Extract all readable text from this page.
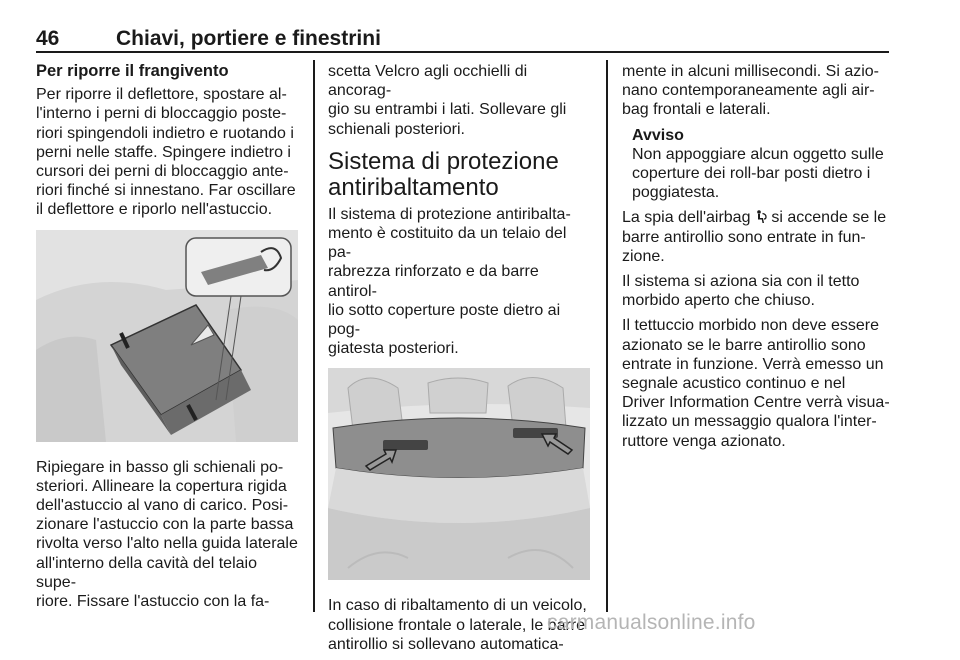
46	Chiavi, portiere e finestrini
Per riporre il frangivento

Per riporre il deflettore, spostare al-
l'interno i perni di bloccaggio poste-
riori spingendoli indietro e ruotando i
perni nelle staffe. Spingere indietro i
cursori dei perni di bloccaggio ante-
riori finché si innestano. Far oscillare
il deflettore e riporlo nell'astuccio.

Ripiegare in basso gli schienali po-
steriori. Allineare la copertura rigida
dell'astuccio al vano di carico. Posi-
zionare l'astuccio con la parte bassa
rivolta verso l'alto nella guida laterale
all'interno della cavità del telaio supe-
riore. Fissare l'astuccio con la fa-

scetta Velcro agli occhielli di ancorag-
gio su entrambi i lati. Sollevare gli
schienali posteriori.

Sistema di protezione
antiribaltamento

Il sistema di protezione antiribalta-
mento è costituito da un telaio del pa-
rabrezza rinforzato e da barre antirol-
lio sotto coperture poste dietro ai pog-
giatesta posteriori.

In caso di ribaltamento di un veicolo,
collisione frontale o laterale, le barre
antirollio si sollevano automatica-

mente in alcuni millisecondi. Si azio-
nano contemporaneamente agli air-
bag frontali e laterali.

Avviso
Non appoggiare alcun oggetto sulle
coperture dei roll-bar posti dietro i
poggiatesta.

La spia dell'airbag  si accende se le
barre antirollio sono entrate in fun-
zione.

Il sistema si aziona sia con il tetto
morbido aperto che chiuso.

Il tettuccio morbido non deve essere
azionato se le barre antirollio sono
entrate in funzione. Verrà emesso un
segnale acustico continuo e nel
Driver Information Centre verrà visua-
lizzato un messaggio qualora l'inter-
ruttore venga azionato.

carmanualsonline.info
